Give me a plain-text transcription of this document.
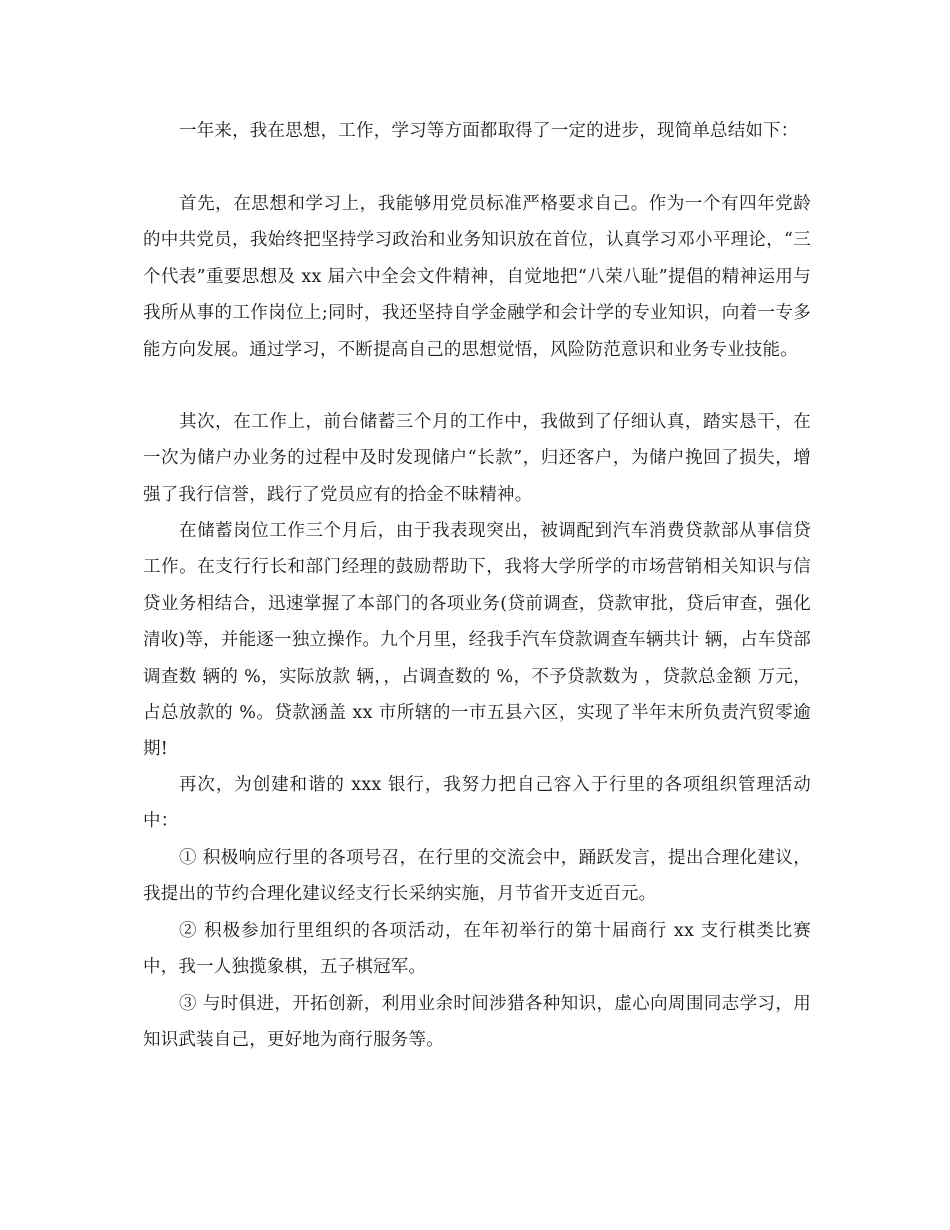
一年来，我在思想，工作，学习等方面都取得了一定的进步，现简单总结如下：

首先，在思想和学习上，我能够用党员标准严格要求自己。作为一个有四年党龄的中共党员，我始终把坚持学习政治和业务知识放在首位，认真学习邓小平理论，“三个代表”重要思想及 xx 届六中全会文件精神，自觉地把“八荣八耻”提倡的精神运用与我所从事的工作岗位上;同时，我还坚持自学金融学和会计学的专业知识，向着一专多能方向发展。通过学习，不断提高自己的思想觉悟，风险防范意识和业务专业技能。

其次，在工作上，前台储蓄三个月的工作中，我做到了仔细认真，踏实恳干，在一次为储户办业务的过程中及时发现储户“长款”，归还客户，为储户挽回了损失，增强了我行信誉，践行了党员应有的拾金不昧精神。

在储蓄岗位工作三个月后，由于我表现突出，被调配到汽车消费贷款部从事信贷工作。在支行行长和部门经理的鼓励帮助下，我将大学所学的市场营销相关知识与信贷业务相结合，迅速掌握了本部门的各项业务(贷前调查，贷款审批，贷后审查，强化清收)等，并能逐一独立操作。九个月里，经我手汽车贷款调查车辆共计 辆，占车贷部调查数 辆的 %，实际放款 辆，，占调查数的 %，不予贷款数为 ，贷款总金额 万元，占总放款的 %。贷款涵盖 xx 市所辖的一市五县六区，实现了半年末所负责汽贸零逾期!

再次，为创建和谐的 xxx 银行，我努力把自己容入于行里的各项组织管理活动中：

① 积极响应行里的各项号召，在行里的交流会中，踊跃发言，提出合理化建议，我提出的节约合理化建议经支行长采纳实施，月节省开支近百元。

② 积极参加行里组织的各项活动，在年初举行的第十届商行 xx 支行棋类比赛中，我一人独揽象棋，五子棋冠军。

③ 与时俱进，开拓创新，利用业余时间涉猎各种知识，虚心向周围同志学习，用知识武装自己，更好地为商行服务等。
